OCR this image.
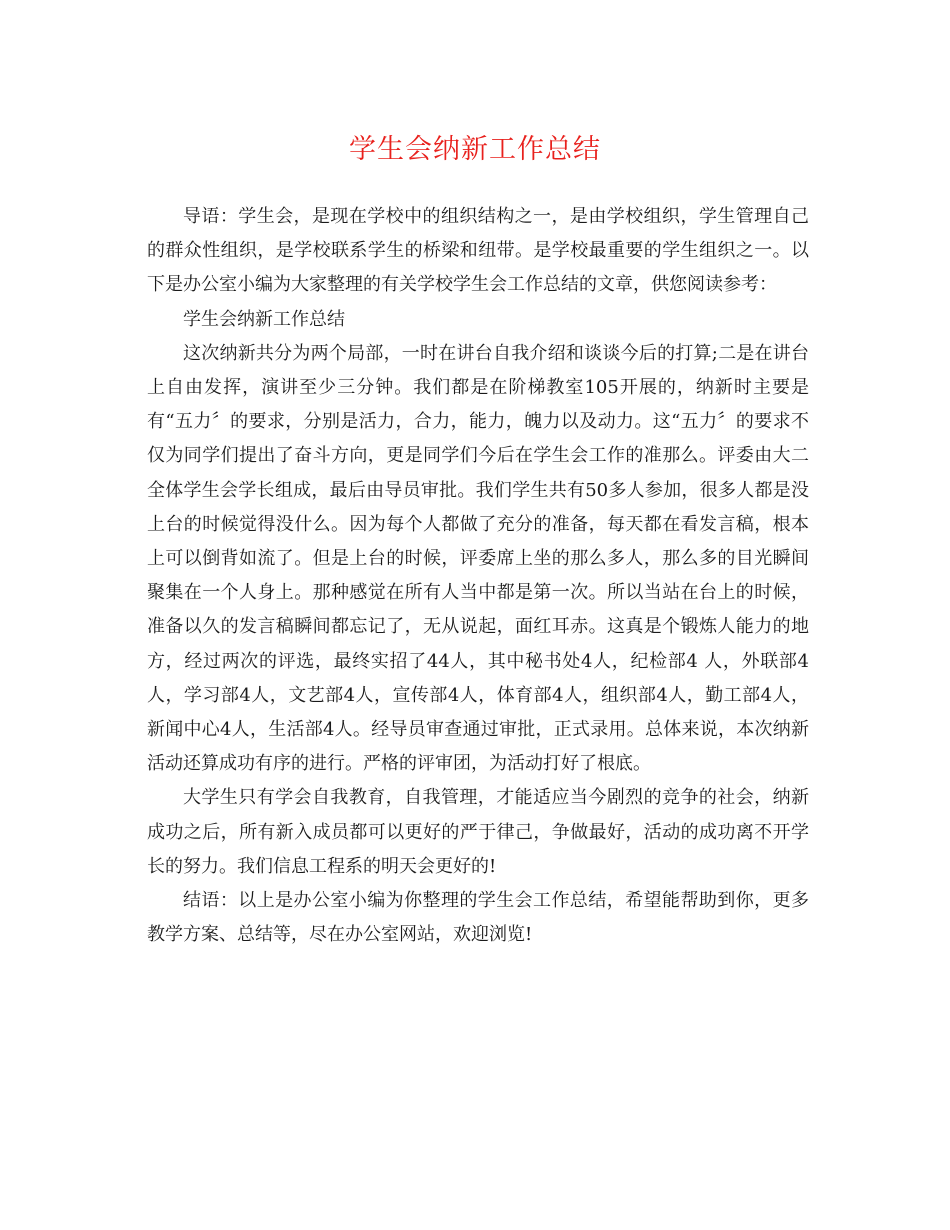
学生会纳新工作总结

导语：学生会，是现在学校中的组织结构之一，是由学校组织，学生管理自己的群众性组织，是学校联系学生的桥梁和纽带。是学校最重要的学生组织之一。以下是办公室小编为大家整理的有关学校学生会工作总结的文章，供您阅读参考：

学生会纳新工作总结

这次纳新共分为两个局部，一时在讲台自我介绍和谈谈今后的打算;二是在讲台上自由发挥，演讲至少三分钟。我们都是在阶梯教室105开展的，纳新时主要是有“五力〞的要求，分别是活力，合力，能力，魄力以及动力。这“五力〞的要求不仅为同学们提出了奋斗方向，更是同学们今后在学生会工作的准那么。评委由大二全体学生会学长组成，最后由导员审批。我们学生共有50多人参加，很多人都是没上台的时候觉得没什么。因为每个人都做了充分的准备，每天都在看发言稿，根本上可以倒背如流了。但是上台的时候，评委席上坐的那么多人，那么多的目光瞬间聚集在一个人身上。那种感觉在所有人当中都是第一次。所以当站在台上的时候，准备以久的发言稿瞬间都忘记了，无从说起，面红耳赤。这真是个锻炼人能力的地方，经过两次的评选，最终实招了44人，其中秘书处4人，纪检部4 人，外联部4人，学习部4人，文艺部4人，宣传部4人，体育部4人，组织部4人，勤工部4人，新闻中心4人，生活部4人。经导员审查通过审批，正式录用。总体来说，本次纳新活动还算成功有序的进行。严格的评审团，为活动打好了根底。

大学生只有学会自我教育，自我管理，才能适应当今剧烈的竞争的社会，纳新成功之后，所有新入成员都可以更好的严于律己，争做最好，活动的成功离不开学长的努力。我们信息工程系的明天会更好的!

结语：以上是办公室小编为你整理的学生会工作总结，希望能帮助到你，更多教学方案、总结等，尽在办公室网站，欢迎浏览!
